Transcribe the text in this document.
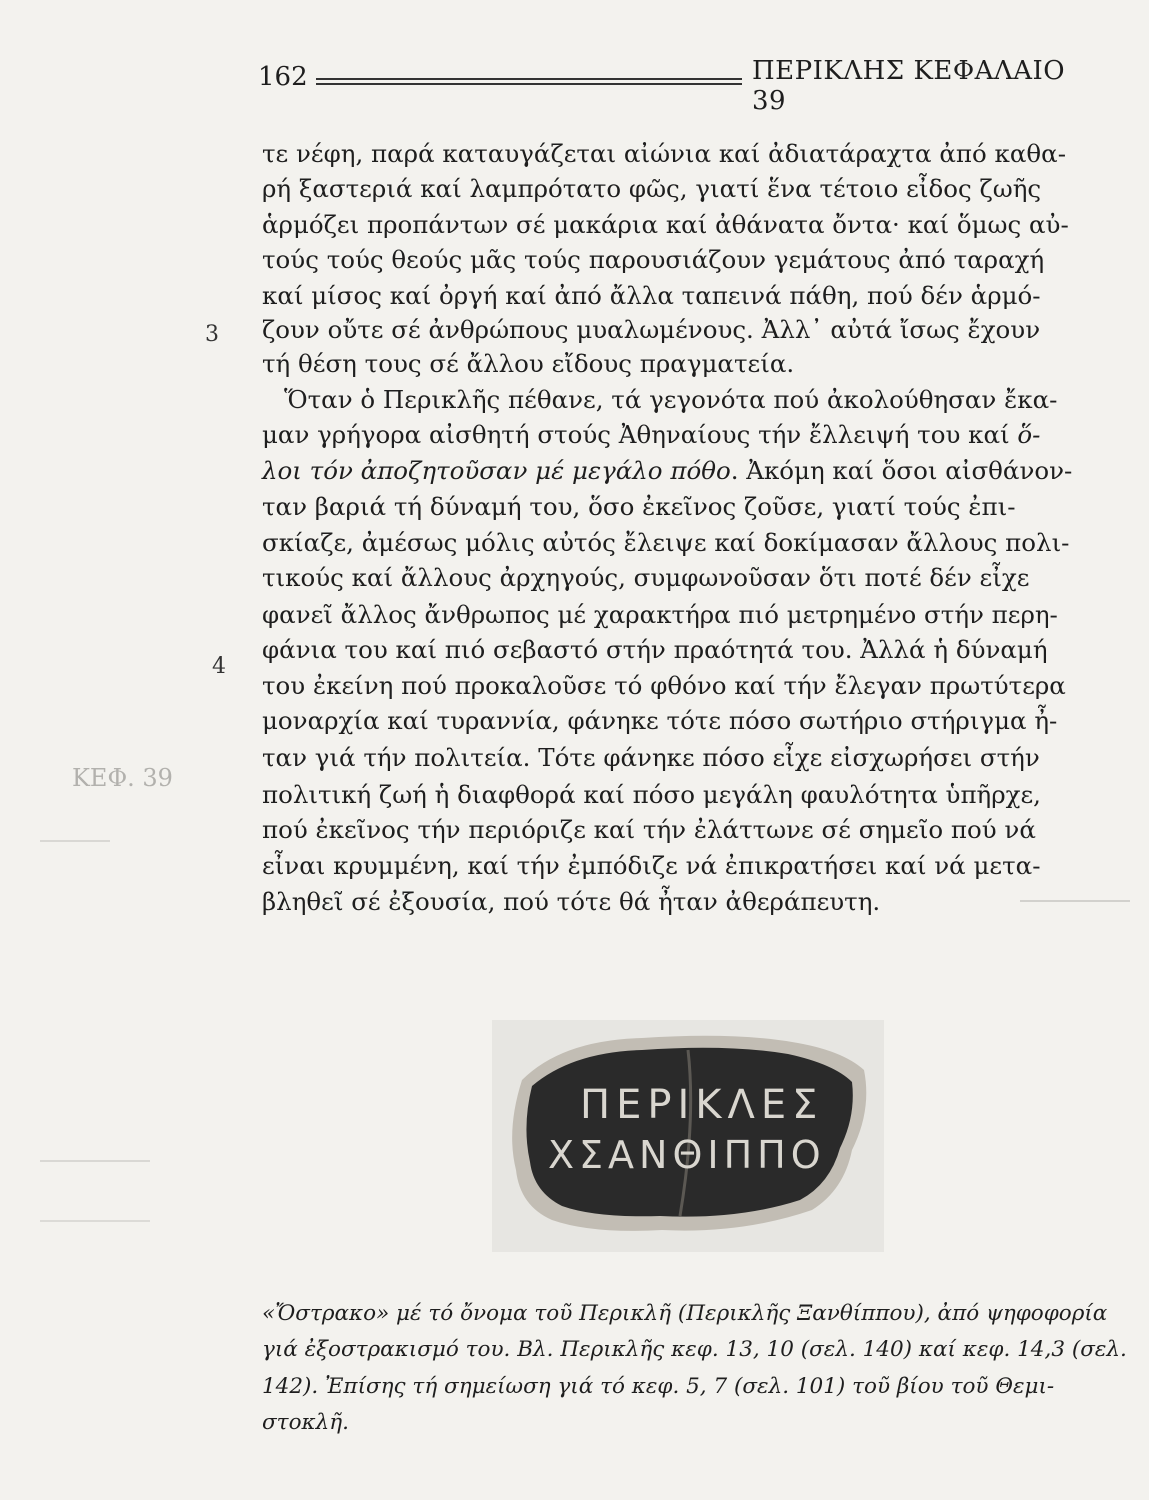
162	ΠΕΡΙΚΛΗΣ ΚΕΦΑΛΑΙΟ 39
3
4
ΚΕΦ. 39
τε νέφη, παρά καταυγάζεται αἰώνια καί ἀδιατάραχτα ἀπό καθα-
ρή ξαστεριά καί λαμπρότατο φῶς, γιατί ἕνα τέτοιο εἶδος ζωῆς
ἁρμόζει προπάντων σέ μακάρια καί ἀθάνατα ὄντα· καί ὅμως αὐ-
τούς τούς θεούς μᾶς τούς παρουσιάζουν γεμάτους ἀπό ταραχή
καί μίσος καί ὀργή καί ἀπό ἄλλα ταπεινά πάθη, πού δέν ἁρμό-
ζουν οὔτε σέ ἀνθρώπους μυαλωμένους. Ἀλλ᾽ αὐτά ἴσως ἔχουν
τή θέση τους σέ ἄλλου εἴδους πραγματεία.
Ὅταν ὁ Περικλῆς πέθανε, τά γεγονότα πού ἀκολούθησαν ἔκα-
μαν γρήγορα αἰσθητή στούς Ἀθηναίους τήν ἔλλειψή του καί ὅ-
λοι τόν ἀποζητοῦσαν μέ μεγάλο πόθο. Ἀκόμη καί ὅσοι αἰσθάνον-
ταν βαριά τή δύναμή του, ὅσο ἐκεῖνος ζοῦσε, γιατί τούς ἐπι-
σκίαζε, ἀμέσως μόλις αὐτός ἔλειψε καί δοκίμασαν ἄλλους πολι-
τικούς καί ἄλλους ἀρχηγούς, συμφωνοῦσαν ὅτι ποτέ δέν εἶχε
φανεῖ ἄλλος ἄνθρωπος μέ χαρακτήρα πιό μετρημένο στήν περη-
φάνια του καί πιό σεβαστό στήν πραότητά του. Ἀλλά ἡ δύναμή
του ἐκείνη πού προκαλοῦσε τό φθόνο καί τήν ἔλεγαν πρωτύτερα
μοναρχία καί τυραννία, φάνηκε τότε πόσο σωτήριο στήριγμα ἦ-
ταν γιά τήν πολιτεία. Τότε φάνηκε πόσο εἶχε εἰσχωρήσει στήν
πολιτική ζωή ἡ διαφθορά καί πόσο μεγάλη φαυλότητα ὑπῆρχε,
πού ἐκεῖνος τήν περιόριζε καί τήν ἐλάττωνε σέ σημεῖο πού νά
εἶναι κρυμμένη, καί τήν ἐμπόδιζε νά ἐπικρατήσει καί νά μετα-
βληθεῖ σέ ἐξουσία, πού τότε θά ἦταν ἀθεράπευτη.
ΠΕΡΙΚΛΕΣ
ΧΣΑΝΘΙΠΠΟ
«Ὄστρακο» μέ τό ὄνομα τοῦ Περικλῆ (Περικλῆς Ξανθίππου), ἀπό ψηφοφορία
γιά ἐξοστρακισμό του. Βλ. Περικλῆς κεφ. 13, 10 (σελ. 140) καί κεφ. 14,3 (σελ.
142). Ἐπίσης τή σημείωση γιά τό κεφ. 5, 7 (σελ. 101) τοῦ βίου τοῦ Θεμι-
στοκλῆ.
